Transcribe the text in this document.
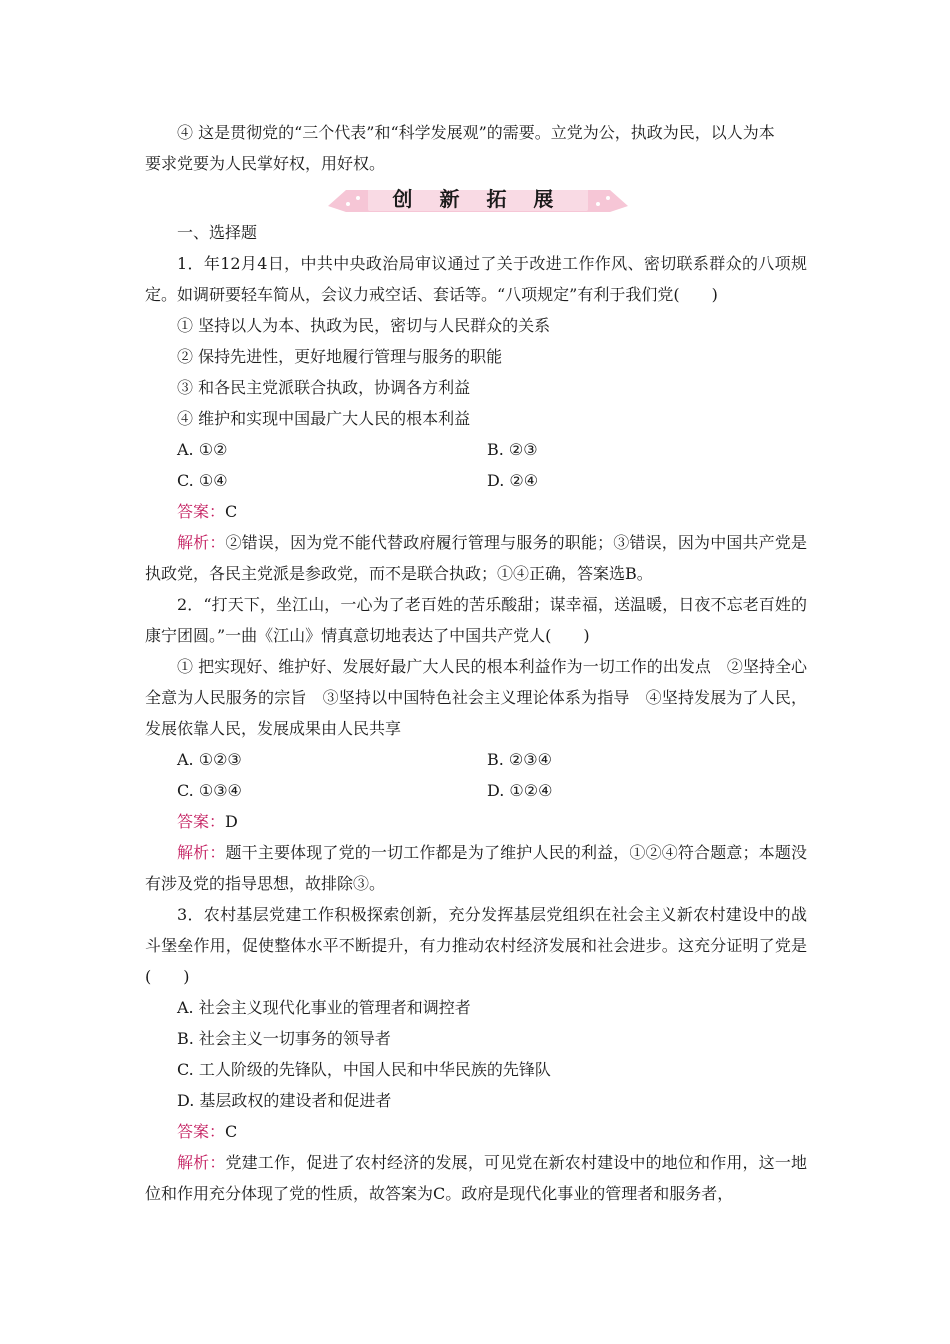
④ 这是贯彻党的“三个代表”和“科学发展观”的需要。立党为公，执政为民，以人为本
要求党要为人民掌好权，用好权。
创 新 拓 展
一、选择题
1．年12月4日，中共中央政治局审议通过了关于改进工作作风、密切联系群众的八项规定。如调研要轻车简从，会议力戒空话、套话等。“八项规定”有利于我们党(　　)
① 坚持以人为本、执政为民，密切与人民群众的关系
② 保持先进性，更好地履行管理与服务的职能
③ 和各民主党派联合执政，协调各方利益
④ 维护和实现中国最广大人民的根本利益
A. ①②	B. ②③
C. ①④	D. ②④
答案：C
解析：②错误，因为党不能代替政府履行管理与服务的职能；③错误，因为中国共产党是执政党，各民主党派是参政党，而不是联合执政；①④正确，答案选B。
2．“打天下，坐江山，一心为了老百姓的苦乐酸甜；谋幸福，送温暖，日夜不忘老百姓的康宁团圆。”一曲《江山》情真意切地表达了中国共产党人(　　)
① 把实现好、维护好、发展好最广大人民的根本利益作为一切工作的出发点　②坚持全心全意为人民服务的宗旨　③坚持以中国特色社会主义理论体系为指导　④坚持发展为了人民，发展依靠人民，发展成果由人民共享
A. ①②③	B. ②③④
C. ①③④	D. ①②④
答案：D
解析：题干主要体现了党的一切工作都是为了维护人民的利益，①②④符合题意；本题没有涉及党的指导思想，故排除③。
3．农村基层党建工作积极探索创新，充分发挥基层党组织在社会主义新农村建设中的战斗堡垒作用，促使整体水平不断提升，有力推动农村经济发展和社会进步。这充分证明了党是(　　)
A. 社会主义现代化事业的管理者和调控者
B. 社会主义一切事务的领导者
C. 工人阶级的先锋队，中国人民和中华民族的先锋队
D. 基层政权的建设者和促进者
答案：C
解析：党建工作，促进了农村经济的发展，可见党在新农村建设中的地位和作用，这一地位和作用充分体现了党的性质，故答案为C。政府是现代化事业的管理者和服务者，
